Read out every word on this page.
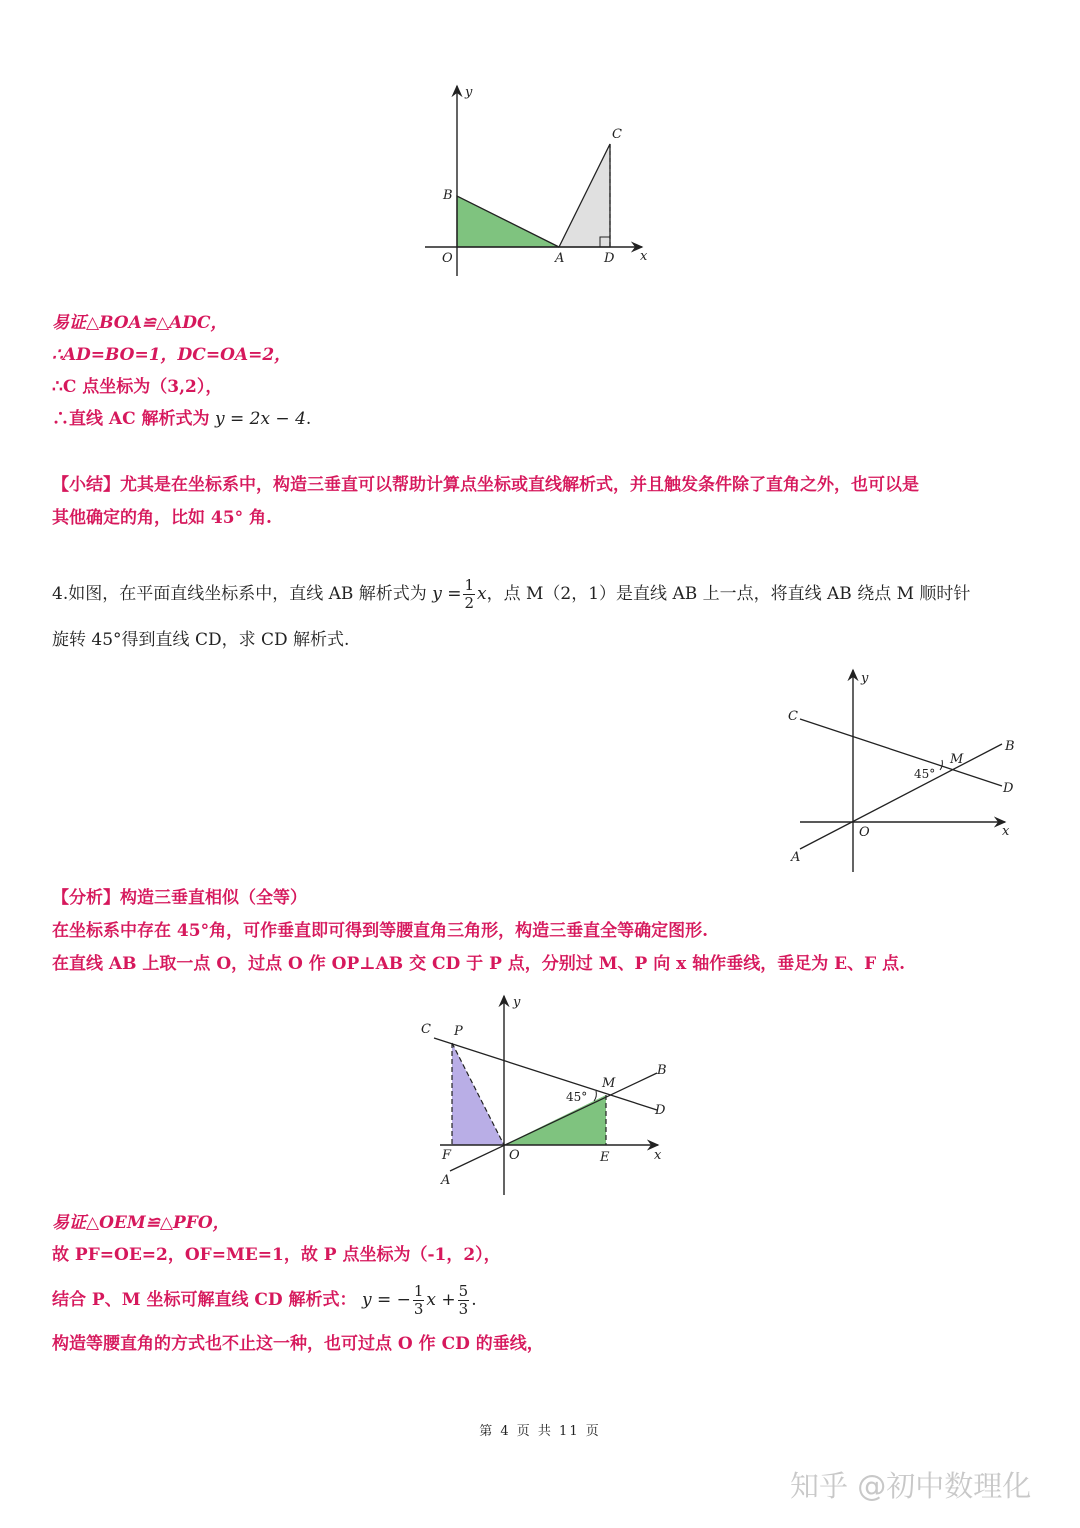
y
x
O	A
B
C
D
易证△BOA≌△ADC，
∴AD=BO=1，DC=OA=2，
∴C 点坐标为（3,2），
∴直线 AC 解析式为 y = 2x − 4.
【小结】尤其是在坐标系中，构造三垂直可以帮助计算点坐标或直线解析式，并且触发条件除了直角之外，也可以是
其他确定的角，比如 45° 角.
4.如图，在平面直线坐标系中，直线 AB 解析式为 $y = \frac{1}{2}$ x，点 M（2，1）是直线 AB 上一点，将直线 AB 绕点 M 顺时针
旋转 45°得到直线 CD，求 CD 解析式.
y
x
O
A
B
C
D
M
45°
【分析】构造三垂直相似（全等）
在坐标系中存在 45°角，可作垂直即可得到等腰直角三角形，构造三垂直全等确定图形.
在直线 AB 上取一点 O，过点 O 作 OP⊥AB 交 CD 于 P 点，分别过 M、P 向 x 轴作垂线，垂足为 E、F 点.
y
x
O
A
B
C P
D
M
E
F
45°
易证△OEM≌△PFO，
故 PF=OE=2，OF=ME=1，故 P 点坐标为（-1，2），
结合 P、M 坐标可解直线 CD 解析式： y = − $\frac{1}{3}$ $x + \frac{5}{3}$ .
构造等腰直角的方式也不止这一种，也可过点 O 作 CD 的垂线，
第 4 页 共 11 页
知乎 @初中数理化
